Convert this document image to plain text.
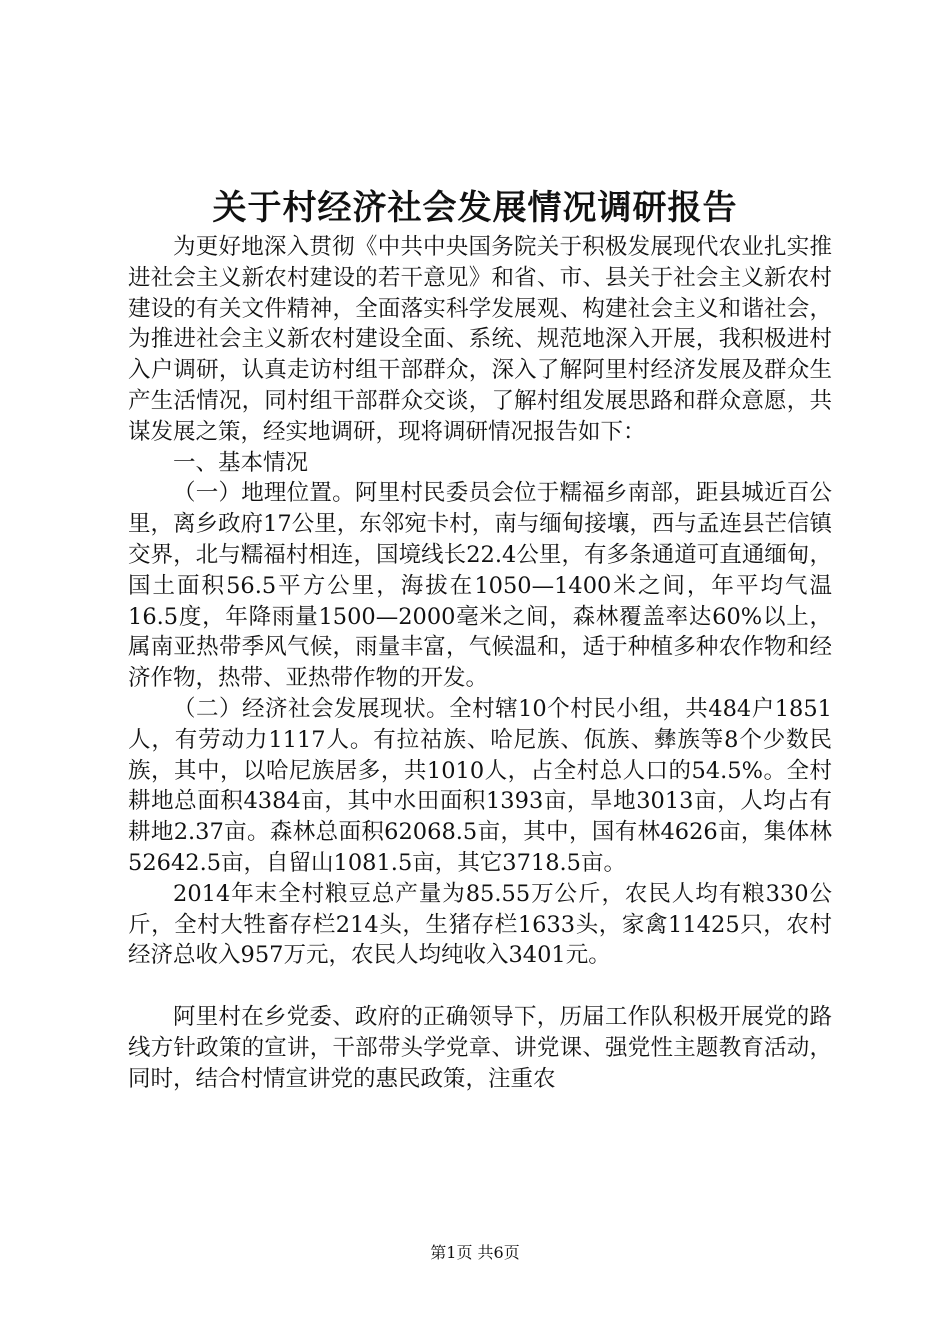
关于村经济社会发展情况调研报告

为更好地深入贯彻《中共中央国务院关于积极发展现代农业扎实推进社会主义新农村建设的若干意见》和省、市、县关于社会主义新农村建设的有关文件精神，全面落实科学发展观、构建社会主义和谐社会，为推进社会主义新农村建设全面、系统、规范地深入开展，我积极进村入户调研，认真走访村组干部群众，深入了解阿里村经济发展及群众生产生活情况，同村组干部群众交谈，了解村组发展思路和群众意愿，共谋发展之策，经实地调研，现将调研情况报告如下：

一、基本情况

（一）地理位置。阿里村民委员会位于糯福乡南部，距县城近百公里，离乡政府17公里，东邻宛卡村，南与缅甸接壤，西与孟连县芒信镇交界，北与糯福村相连，国境线长22.4公里，有多条通道可直通缅甸，国土面积56.5平方公里，海拔在1050—1400米之间，年平均气温16.5度，年降雨量1500—2000毫米之间，森林覆盖率达60%以上，属南亚热带季风气候，雨量丰富，气候温和，适于种植多种农作物和经济作物，热带、亚热带作物的开发。

（二）经济社会发展现状。全村辖10个村民小组，共484户1851人，有劳动力1117人。有拉祜族、哈尼族、佤族、彝族等8个少数民族，其中，以哈尼族居多，共1010人，占全村总人口的54.5%。全村耕地总面积4384亩，其中水田面积1393亩，旱地3013亩，人均占有耕地2.37亩。森林总面积62068.5亩，其中，国有林4626亩，集体林52642.5亩，自留山1081.5亩，其它3718.5亩。

2014年末全村粮豆总产量为85.55万公斤，农民人均有粮330公斤，全村大牲畜存栏214头，生猪存栏1633头，家禽11425只，农村经济总收入957万元，农民人均纯收入3401元。

阿里村在乡党委、政府的正确领导下，历届工作队积极开展党的路线方针政策的宣讲，干部带头学党章、讲党课、强党性主题教育活动，同时，结合村情宣讲党的惠民政策，注重农

第1页 共6页
